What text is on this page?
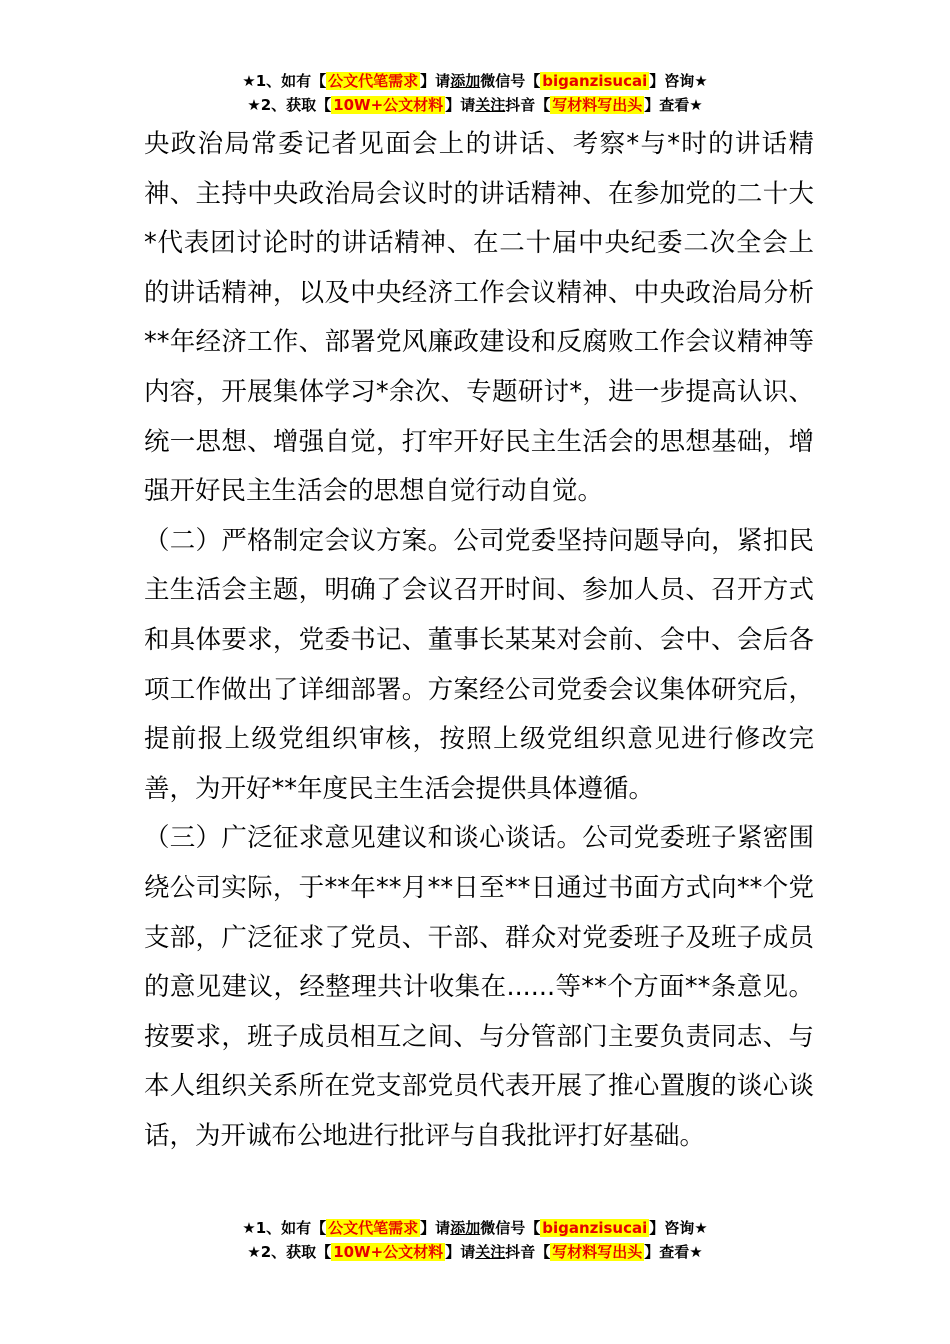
★1、如有【 公文代笔需求 】请添加微信号【 biganzisucai 】咨询★
★2、获取【 10W+公文材料 】请关注抖音【 写材料写出头 】查看★

央政治局常委记者见面会上的讲话、考察*与*时的讲话精神、主持中央政治局会议时的讲话精神、在参加党的二十大*代表团讨论时的讲话精神、在二十届中央纪委二次全会上的讲话精神，以及中央经济工作会议精神、中央政治局分析**年经济工作、部署党风廉政建设和反腐败工作会议精神等内容，开展集体学习*余次、专题研讨*，进一步提高认识、统一思想、增强自觉，打牢开好民主生活会的思想基础，增强开好民主生活会的思想自觉行动自觉。

（二）严格制定会议方案。公司党委坚持问题导向，紧扣民主生活会主题，明确了会议召开时间、参加人员、召开方式和具体要求，党委书记、董事长某某对会前、会中、会后各项工作做出了详细部署。方案经公司党委会议集体研究后，提前报上级党组织审核，按照上级党组织意见进行修改完善，为开好**年度民主生活会提供具体遵循。

（三）广泛征求意见建议和谈心谈话。公司党委班子紧密围绕公司实际，于**年**月**日至**日通过书面方式向**个党支部，广泛征求了党员、干部、群众对党委班子及班子成员的意见建议，经整理共计收集在......等**个方面**条意见。按要求，班子成员相互之间、与分管部门主要负责同志、与本人组织关系所在党支部党员代表开展了推心置腹的谈心谈话，为开诚布公地进行批评与自我批评打好基础。

★1、如有【 公文代笔需求 】请添加微信号【 biganzisucai 】咨询★
★2、获取【 10W+公文材料 】请关注抖音【 写材料写出头 】查看★
